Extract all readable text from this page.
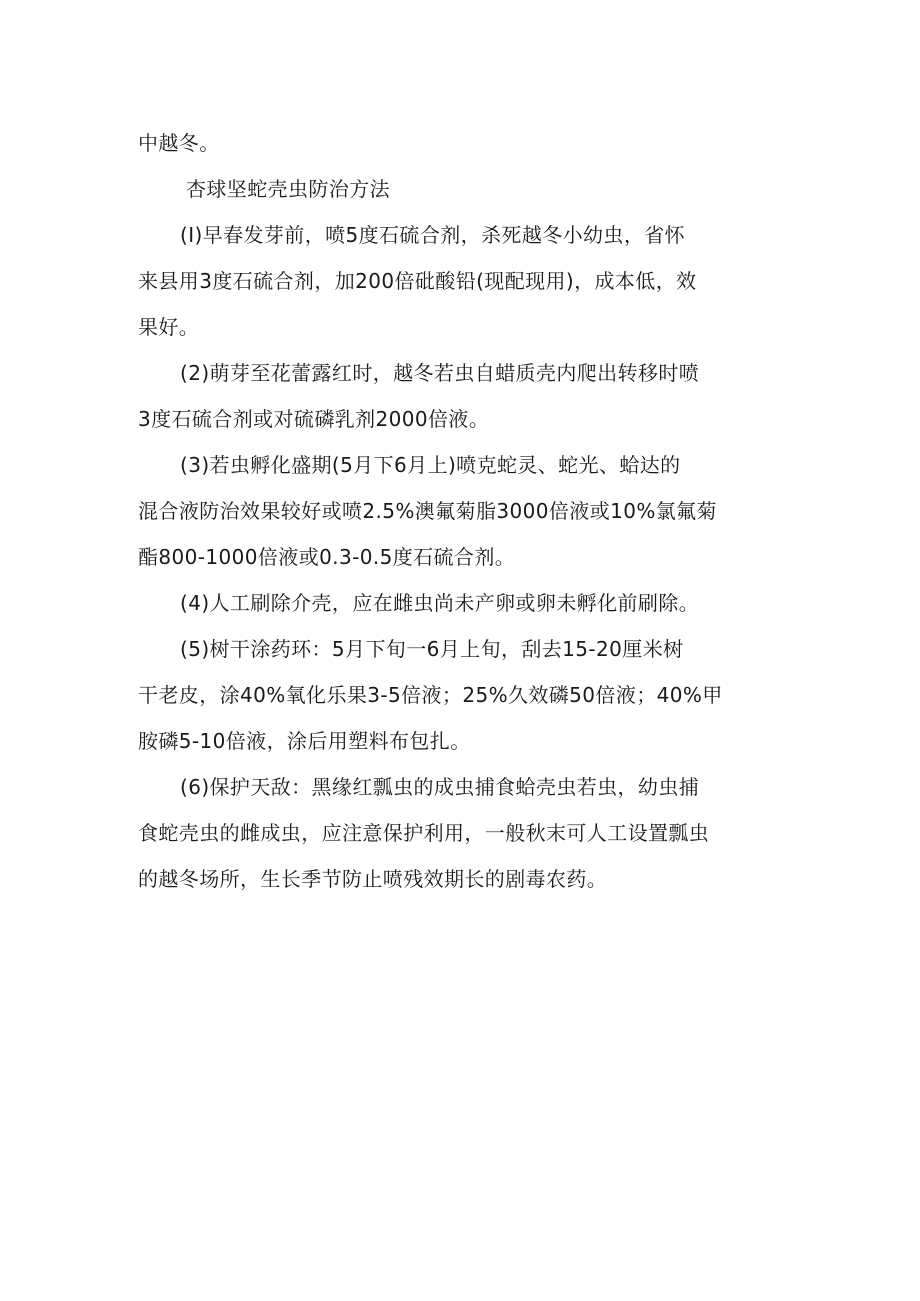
中越冬。
杏球坚蛇壳虫防治方法
(I)早春发芽前，喷5度石硫合剂，杀死越冬小幼虫，省怀
来县用3度石硫合剂，加200倍砒酸铅(现配现用)，成本低，效
果好。
(2)萌芽至花蕾露红时，越冬若虫自蜡质壳内爬出转移时喷
3度石硫合剂或对硫磷乳剂2000倍液。
(3)若虫孵化盛期(5月下6月上)喷克蛇灵、蛇光、蛤达的
混合液防治效果较好或喷2.5%澳氟菊脂3000倍液或10%氯氟菊
酯800-1000倍液或0.3-0.5度石硫合剂。
(4)人工刷除介壳，应在雌虫尚未产卵或卵未孵化前刷除。
(5)树干涂药环：5月下旬一6月上旬，刮去15-20厘米树
干老皮，涂40%氧化乐果3-5倍液；25%久效磷50倍液；40%甲
胺磷5-10倍液，涂后用塑料布包扎。
(6)保护天敌：黑缘红瓢虫的成虫捕食蛤壳虫若虫，幼虫捕
食蛇壳虫的雌成虫，应注意保护利用，一般秋末可人工设置瓢虫
的越冬场所，生长季节防止喷残效期长的剧毒农药。
